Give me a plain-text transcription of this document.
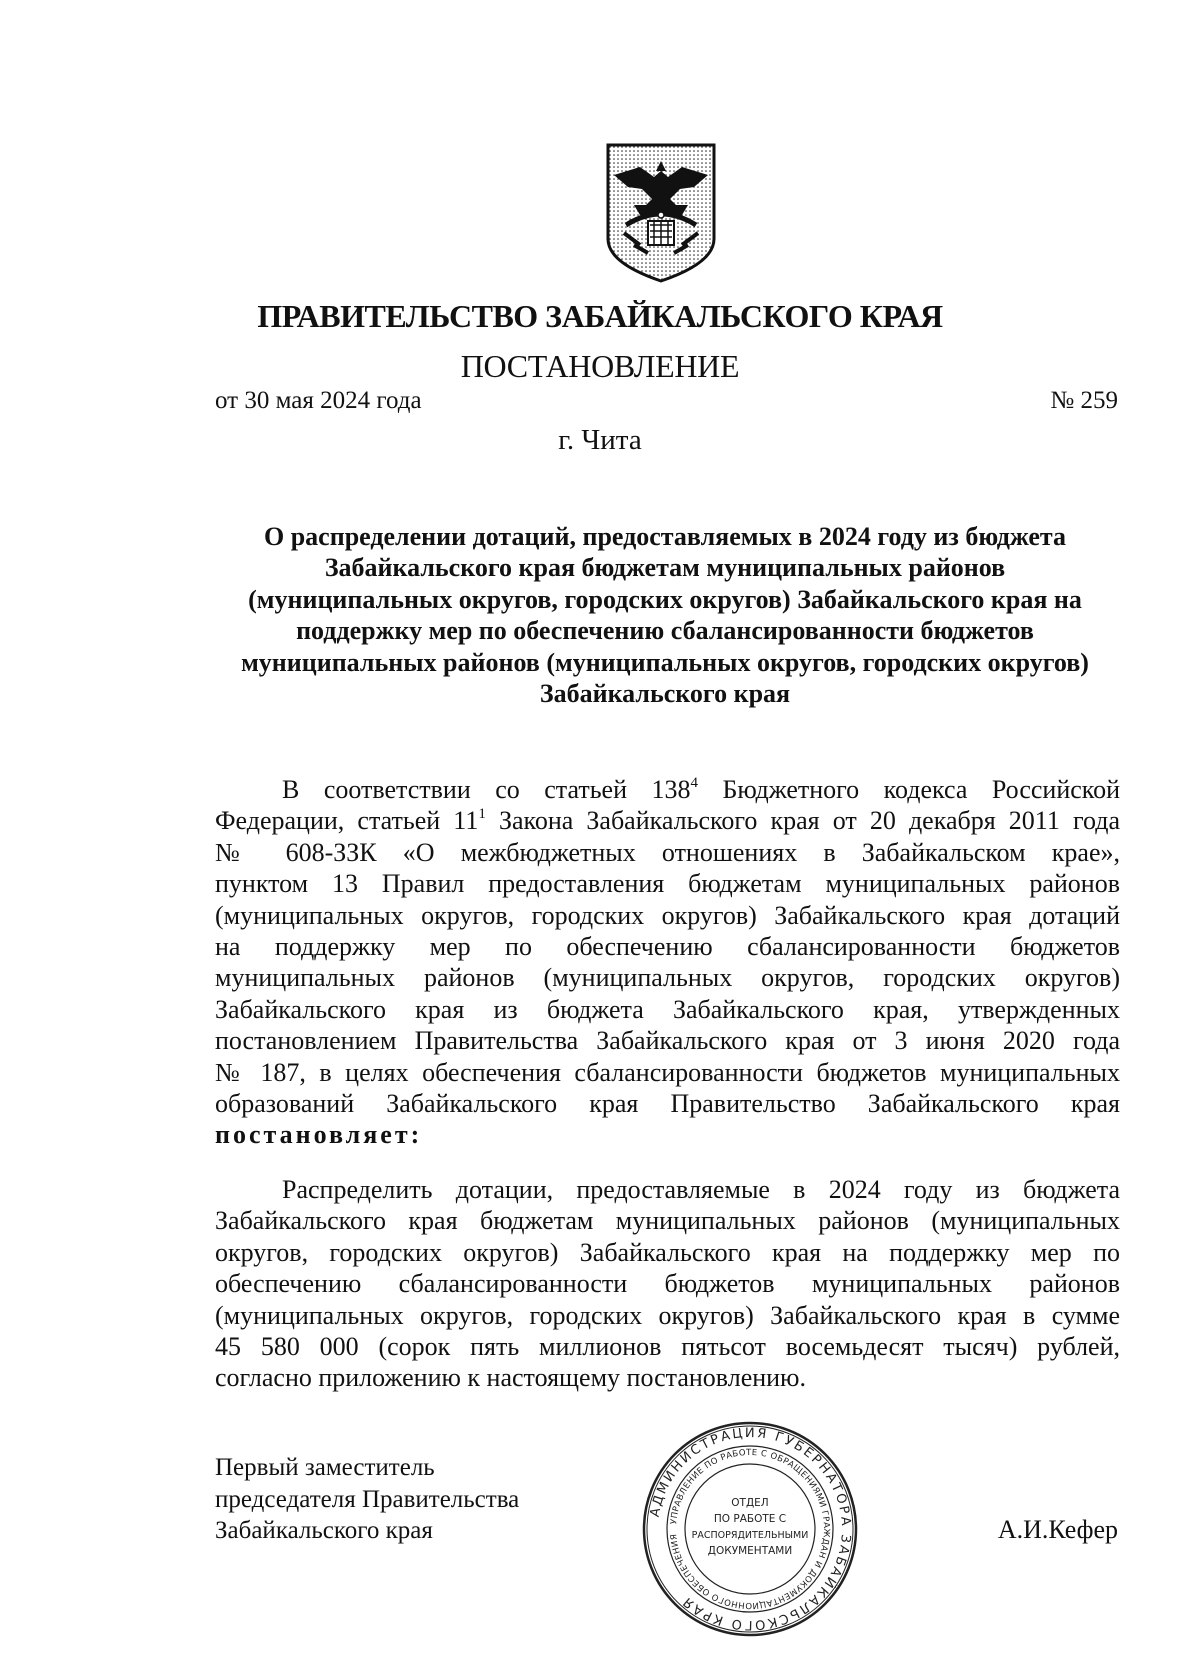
ПРАВИТЕЛЬСТВО ЗАБАЙКАЛЬСКОГО КРАЯ
ПОСТАНОВЛЕНИЕ
от 30 мая 2024 года	№ 259
г. Чита
О распределении дотаций, предоставляемых в 2024 году из бюджета
Забайкальского края бюджетам муниципальных районов
(муниципальных округов, городских округов) Забайкальского края на
поддержку мер по обеспечению сбалансированности бюджетов
муниципальных районов (муниципальных округов, городских округов)
Забайкальского края
В соответствии со статьей $138^4$ Бюджетного кодекса Российской
Федерации, статьей $11^1$ Закона Забайкальского края от 20 декабря 2011 года
№ 608-ЗЗК «О межбюджетных отношениях в Забайкальском крае»,
пунктом 13 Правил предоставления бюджетам муниципальных районов
(муниципальных округов, городских округов) Забайкальского края дотаций
на поддержку мер по обеспечению сбалансированности бюджетов
муниципальных районов (муниципальных округов, городских округов)
Забайкальского края из бюджета Забайкальского края, утвержденных
постановлением Правительства Забайкальского края от 3 июня 2020 года
№ 187, в целях обеспечения сбалансированности бюджетов муниципальных
образований Забайкальского края Правительство Забайкальского края
постановляет:
Распределить дотации, предоставляемые в 2024 году из бюджета
Забайкальского края бюджетам муниципальных районов (муниципальных
округов, городских округов) Забайкальского края на поддержку мер по
обеспечению сбалансированности бюджетов муниципальных районов
(муниципальных округов, городских округов) Забайкальского края в сумме
45 580 000 (сорок пять миллионов пятьсот восемьдесят тысяч) рублей,
согласно приложению к настоящему постановлению.
Первый заместитель
председателя Правительства
Забайкальского края	А.И.Кефер
АДМИНИСТРАЦИЯ ГУБЕРНАТОРА ЗАБАЙКАЛЬСКОГО КРАЯ
УПРАВЛЕНИЕ ПО РАБОТЕ С ОБРАЩЕНИЯМИ ГРАЖДАН И ДОКУМЕНТАЦИОННОГО ОБЕСПЕЧЕНИЯ
ОТДЕЛ
ПО РАБОТЕ С
РАСПОРЯДИТЕЛЬНЫМИ
ДОКУМЕНТАМИ
